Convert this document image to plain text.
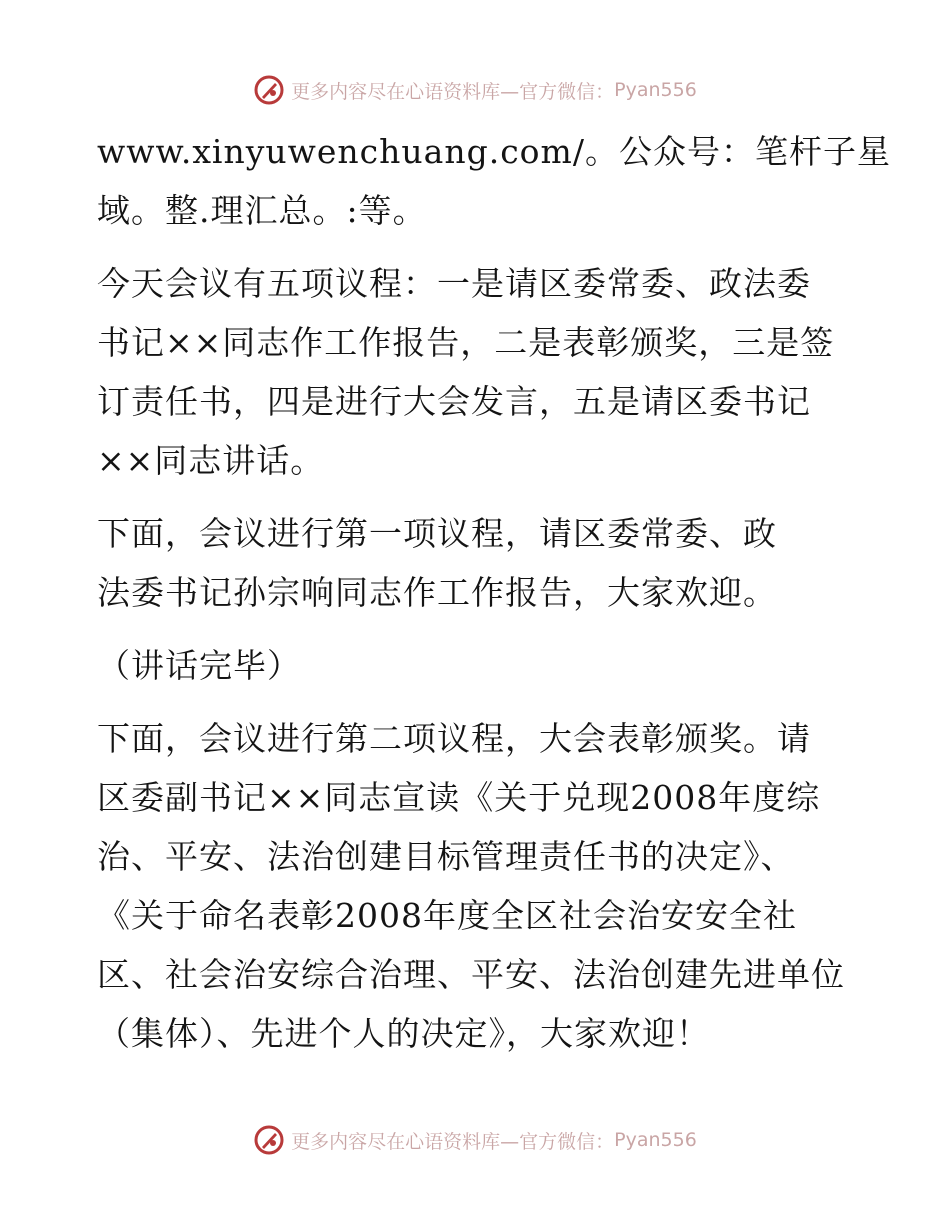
更多内容尽在心语资料库—官方微信： Pyan556

www.xinyuwenchuang.com/。公众号：笔杆子星

域。整.理汇总。:等。

今天会议有五项议程：一是请区委常委、政法委

书记××同志作工作报告，二是表彰颁奖，三是签

订责任书，四是进行大会发言，五是请区委书记

××同志讲话。

下面，会议进行第一项议程，请区委常委、政

法委书记孙宗响同志作工作报告，大家欢迎。

（讲话完毕）

下面，会议进行第二项议程，大会表彰颁奖。请

区委副书记××同志宣读《关于兑现2008年度综

治、平安、法治创建目标管理责任书的决定》、

《关于命名表彰2008年度全区社会治安安全社

区、社会治安综合治理、平安、法治创建先进单位

（集体）、先进个人的决定》，大家欢迎！

更多内容尽在心语资料库—官方微信： Pyan556
